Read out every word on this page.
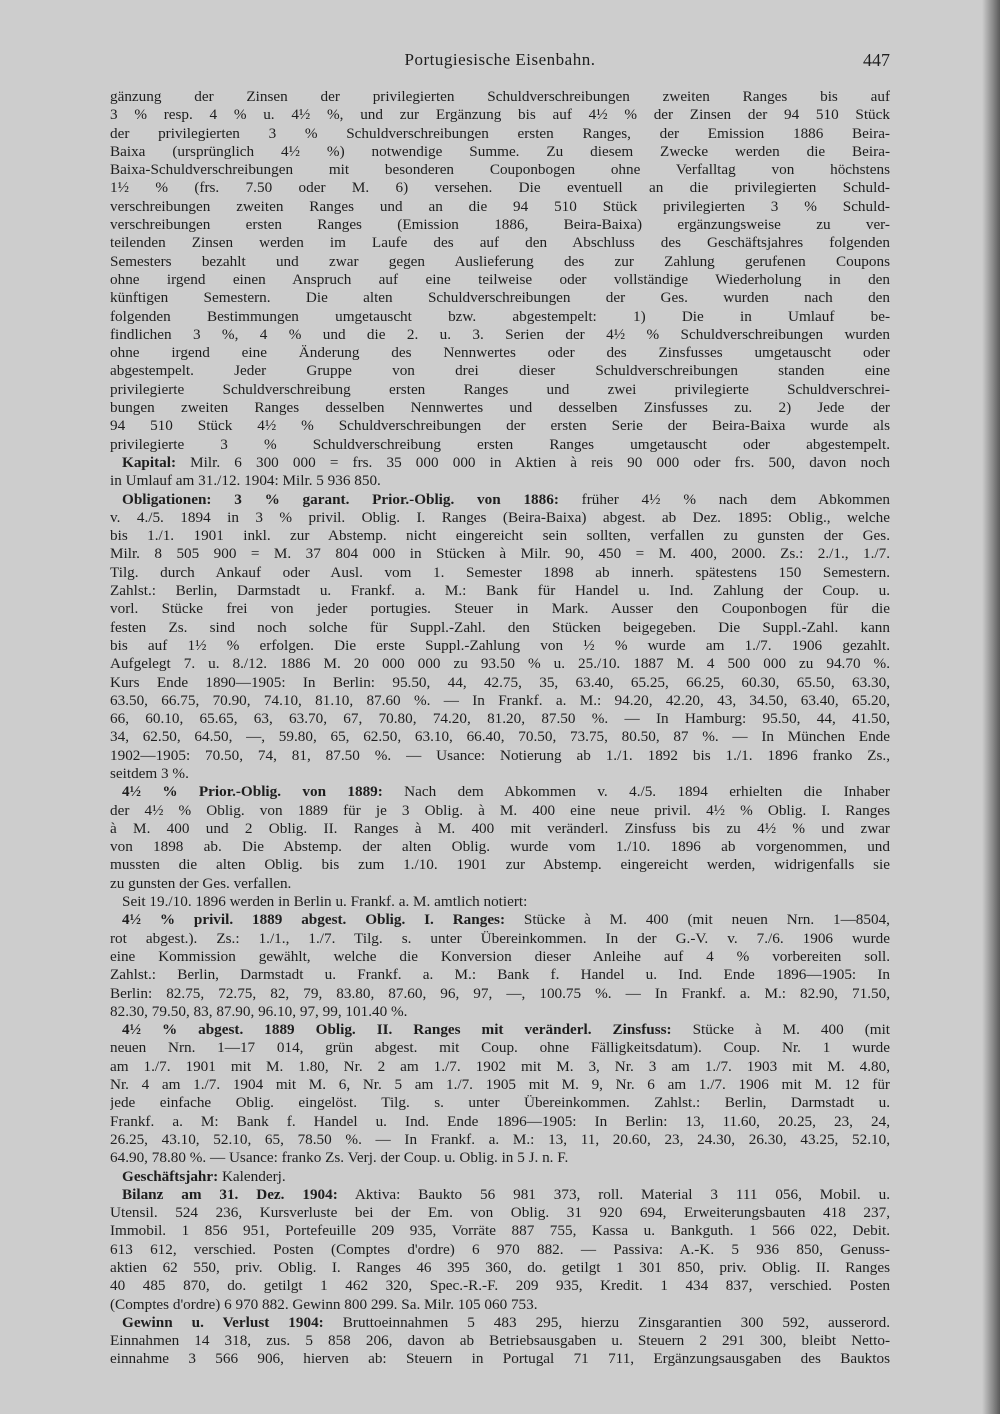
Portugiesische Eisenbahn.	447
gänzung der Zinsen der privilegierten Schuldverschreibungen zweiten Ranges bis auf
3 % resp. 4 % u. 4½ %, und zur Ergänzung bis auf 4½ % der Zinsen der 94 510 Stück
der privilegierten 3 % Schuldverschreibungen ersten Ranges, der Emission 1886 Beira-
Baixa (ursprünglich 4½ %) notwendige Summe. Zu diesem Zwecke werden die Beira-
Baixa-Schuldverschreibungen mit besonderen Couponbogen ohne Verfalltag von höchstens
1½ % (frs. 7.50 oder M. 6) versehen. Die eventuell an die privilegierten Schuld-
verschreibungen zweiten Ranges und an die 94 510 Stück privilegierten 3 % Schuld-
verschreibungen ersten Ranges (Emission 1886, Beira-Baixa) ergänzungsweise zu ver-
teilenden Zinsen werden im Laufe des auf den Abschluss des Geschäftsjahres folgenden
Semesters bezahlt und zwar gegen Auslieferung des zur Zahlung gerufenen Coupons
ohne irgend einen Anspruch auf eine teilweise oder vollständige Wiederholung in den
künftigen Semestern. Die alten Schuldverschreibungen der Ges. wurden nach den
folgenden Bestimmungen umgetauscht bzw. abgestempelt: 1) Die in Umlauf be-
findlichen 3 %, 4 % und die 2. u. 3. Serien der 4½ % Schuldverschreibungen wurden
ohne irgend eine Änderung des Nennwertes oder des Zinsfusses umgetauscht oder
abgestempelt. Jeder Gruppe von drei dieser Schuldverschreibungen standen eine
privilegierte Schuldverschreibung ersten Ranges und zwei privilegierte Schuldverschrei-
bungen zweiten Ranges desselben Nennwertes und desselben Zinsfusses zu. 2) Jede der
94 510 Stück 4½ % Schuldverschreibungen der ersten Serie der Beira-Baixa wurde als
privilegierte 3 % Schuldverschreibung ersten Ranges umgetauscht oder abgestempelt.
Kapital: Milr. 6 300 000 = frs. 35 000 000 in Aktien à reis 90 000 oder frs. 500, davon noch
in Umlauf am 31./12. 1904: Milr. 5 936 850.
Obligationen: 3 % garant. Prior.-Oblig. von 1886: früher 4½ % nach dem Abkommen
v. 4./5. 1894 in 3 % privil. Oblig. I. Ranges (Beira-Baixa) abgest. ab Dez. 1895: Oblig., welche
bis 1./1. 1901 inkl. zur Abstemp. nicht eingereicht sein sollten, verfallen zu gunsten der Ges.
Milr. 8 505 900 = M. 37 804 000 in Stücken à Milr. 90, 450 = M. 400, 2000. Zs.: 2./1., 1./7.
Tilg. durch Ankauf oder Ausl. vom 1. Semester 1898 ab innerh. spätestens 150 Semestern.
Zahlst.: Berlin, Darmstadt u. Frankf. a. M.: Bank für Handel u. Ind. Zahlung der Coup. u.
vorl. Stücke frei von jeder portugies. Steuer in Mark. Ausser den Couponbogen für die
festen Zs. sind noch solche für Suppl.-Zahl. den Stücken beigegeben. Die Suppl.-Zahl. kann
bis auf 1½ % erfolgen. Die erste Suppl.-Zahlung von ½ % wurde am 1./7. 1906 gezahlt.
Aufgelegt 7. u. 8./12. 1886 M. 20 000 000 zu 93.50 % u. 25./10. 1887 M. 4 500 000 zu 94.70 %.
Kurs Ende 1890—1905: In Berlin: 95.50, 44, 42.75, 35, 63.40, 65.25, 66.25, 60.30, 65.50, 63.30,
63.50, 66.75, 70.90, 74.10, 81.10, 87.60 %. — In Frankf. a. M.: 94.20, 42.20, 43, 34.50, 63.40, 65.20,
66, 60.10, 65.65, 63, 63.70, 67, 70.80, 74.20, 81.20, 87.50 %. — In Hamburg: 95.50, 44, 41.50,
34, 62.50, 64.50, —, 59.80, 65, 62.50, 63.10, 66.40, 70.50, 73.75, 80.50, 87 %. — In München Ende
1902—1905: 70.50, 74, 81, 87.50 %. — Usance: Notierung ab 1./1. 1892 bis 1./1. 1896 franko Zs.,
seitdem 3 %.
4½ % Prior.-Oblig. von 1889: Nach dem Abkommen v. 4./5. 1894 erhielten die Inhaber
der 4½ % Oblig. von 1889 für je 3 Oblig. à M. 400 eine neue privil. 4½ % Oblig. I. Ranges
à M. 400 und 2 Oblig. II. Ranges à M. 400 mit veränderl. Zinsfuss bis zu 4½ % und zwar
von 1898 ab. Die Abstemp. der alten Oblig. wurde vom 1./10. 1896 ab vorgenommen, und
mussten die alten Oblig. bis zum 1./10. 1901 zur Abstemp. eingereicht werden, widrigenfalls sie
zu gunsten der Ges. verfallen.
Seit 19./10. 1896 werden in Berlin u. Frankf. a. M. amtlich notiert:
4½ % privil. 1889 abgest. Oblig. I. Ranges: Stücke à M. 400 (mit neuen Nrn. 1—8504,
rot abgest.). Zs.: 1./1., 1./7. Tilg. s. unter Übereinkommen. In der G.-V. v. 7./6. 1906 wurde
eine Kommission gewählt, welche die Konversion dieser Anleihe auf 4 % vorbereiten soll.
Zahlst.: Berlin, Darmstadt u. Frankf. a. M.: Bank f. Handel u. Ind. Ende 1896—1905: In
Berlin: 82.75, 72.75, 82, 79, 83.80, 87.60, 96, 97, —, 100.75 %. — In Frankf. a. M.: 82.90, 71.50,
82.30, 79.50, 83, 87.90, 96.10, 97, 99, 101.40 %.
4½ % abgest. 1889 Oblig. II. Ranges mit veränderl. Zinsfuss: Stücke à M. 400 (mit
neuen Nrn. 1—17 014, grün abgest. mit Coup. ohne Fälligkeitsdatum). Coup. Nr. 1 wurde
am 1./7. 1901 mit M. 1.80, Nr. 2 am 1./7. 1902 mit M. 3, Nr. 3 am 1./7. 1903 mit M. 4.80,
Nr. 4 am 1./7. 1904 mit M. 6, Nr. 5 am 1./7. 1905 mit M. 9, Nr. 6 am 1./7. 1906 mit M. 12 für
jede einfache Oblig. eingelöst. Tilg. s. unter Übereinkommen. Zahlst.: Berlin, Darmstadt u.
Frankf. a. M: Bank f. Handel u. Ind. Ende 1896—1905: In Berlin: 13, 11.60, 20.25, 23, 24,
26.25, 43.10, 52.10, 65, 78.50 %. — In Frankf. a. M.: 13, 11, 20.60, 23, 24.30, 26.30, 43.25, 52.10,
64.90, 78.80 %. — Usance: franko Zs. Verj. der Coup. u. Oblig. in 5 J. n. F.
Geschäftsjahr: Kalenderj.
Bilanz am 31. Dez. 1904: Aktiva: Baukto 56 981 373, roll. Material 3 111 056, Mobil. u.
Utensil. 524 236, Kursverluste bei der Em. von Oblig. 31 920 694, Erweiterungsbauten 418 237,
Immobil. 1 856 951, Portefeuille 209 935, Vorräte 887 755, Kassa u. Bankguth. 1 566 022, Debit.
613 612, verschied. Posten (Comptes d'ordre) 6 970 882. — Passiva: A.-K. 5 936 850, Genuss-
aktien 62 550, priv. Oblig. I. Ranges 46 395 360, do. getilgt 1 301 850, priv. Oblig. II. Ranges
40 485 870, do. getilgt 1 462 320, Spec.-R.-F. 209 935, Kredit. 1 434 837, verschied. Posten
(Comptes d'ordre) 6 970 882. Gewinn 800 299. Sa. Milr. 105 060 753.
Gewinn u. Verlust 1904: Bruttoeinnahmen 5 483 295, hierzu Zinsgarantien 300 592, ausserord.
Einnahmen 14 318, zus. 5 858 206, davon ab Betriebsausgaben u. Steuern 2 291 300, bleibt Netto-
einnahme 3 566 906, hierven ab: Steuern in Portugal 71 711, Ergänzungsausgaben des Bauktos
